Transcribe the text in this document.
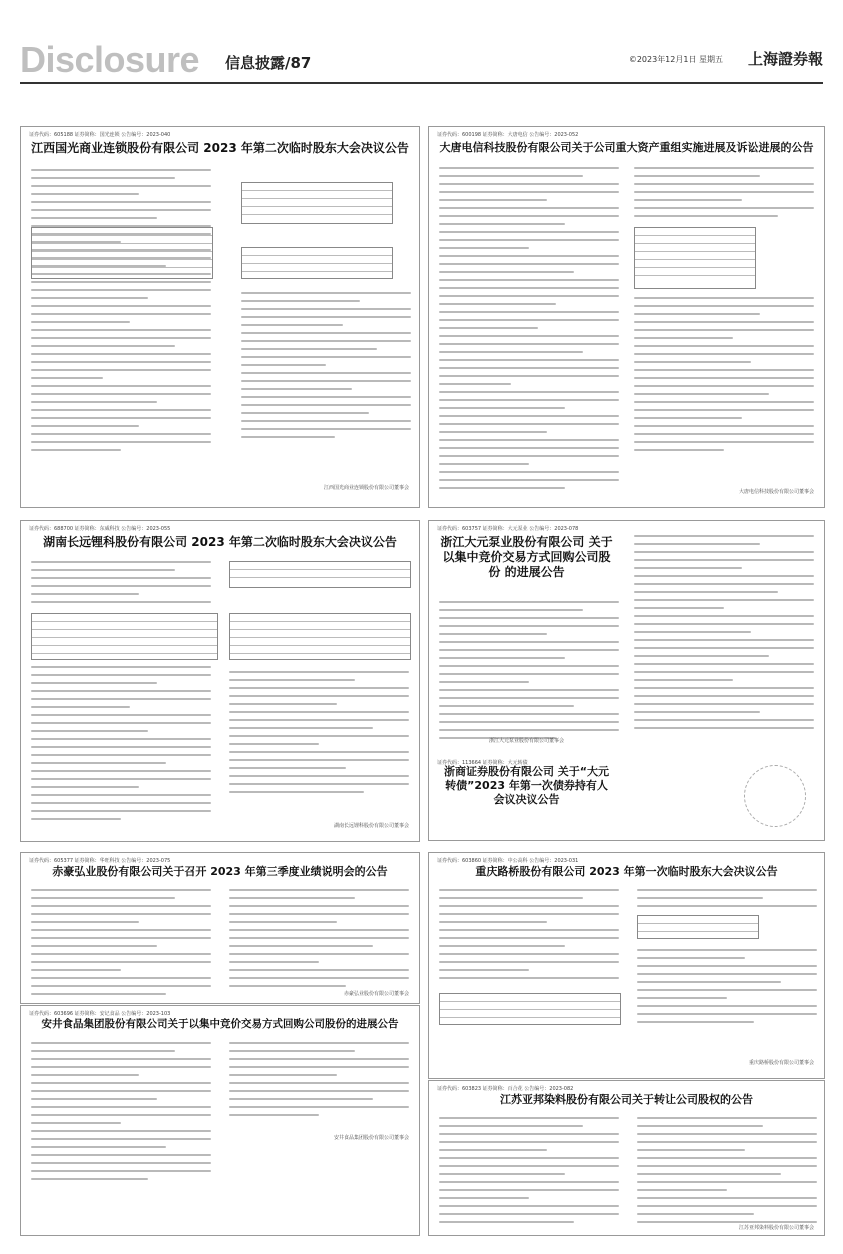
Disclosure 信息披露/87	©2023年12月1日 星期五 上海證券報
证券代码：605188 证券简称：国光连锁 公告编号：2023-040
江西国光商业连锁股份有限公司 2023 年第二次临时股东大会决议公告
江西国光商业连锁股份有限公司董事会
证券代码：600198 证券简称：大唐电信 公告编号：2023-052
大唐电信科技股份有限公司关于公司重大资产重组实施进展及诉讼进展的公告
大唐电信科技股份有限公司董事会
证券代码：688700 证券简称：东威科技 公告编号：2023-055
湖南长远锂科股份有限公司 2023 年第二次临时股东大会决议公告
湖南长远锂科股份有限公司董事会
证券代码：603757 证券简称：大元泵业 公告编号：2023-078
浙江大元泵业股份有限公司 关于以集中竞价交易方式回购公司股份 的进展公告
浙江大元泵业股份有限公司董事会
证券代码：113664 证券简称：大元转债
浙商证券股份有限公司 关于“大元转债”2023 年第一次债券持有人 会议决议公告
证券代码：605377 证券简称：华旺科技 公告编号：2023-075
赤豪弘业股份有限公司关于召开 2023 年第三季度业绩说明会的公告
赤豪弘业股份有限公司董事会
证券代码：603860 证券简称：中公高科 公告编号：2023-031
重庆路桥股份有限公司 2023 年第一次临时股东大会决议公告
重庆路桥股份有限公司董事会
证券代码：603696 证券简称：安记食品 公告编号：2023-103
安井食品集团股份有限公司关于以集中竞价交易方式回购公司股份的进展公告
安井食品集团股份有限公司董事会
证券代码：603823 证券简称：百合花 公告编号：2023-082
江苏亚邦染料股份有限公司关于转让公司股权的公告
江苏亚邦染料股份有限公司董事会
